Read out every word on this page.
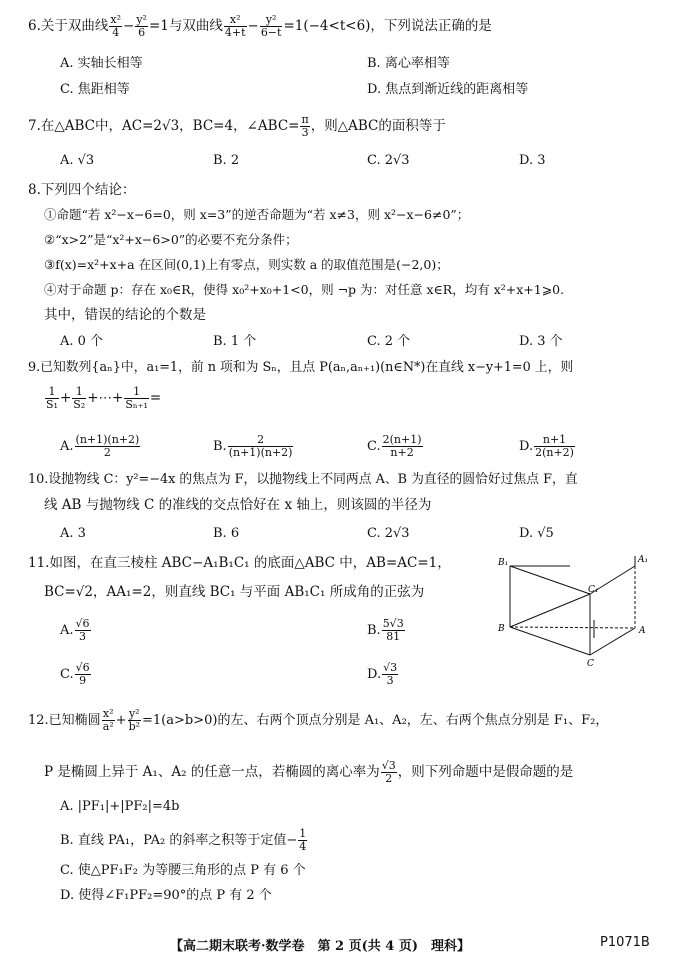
6.关于双曲线 $\frac{\text{x²}}{4} - \frac{\text{y²}}{6} =1$与双曲线 $\frac{\text{x²}}{4+t} - \frac{\text{y²}}{6-t} =1(-4<t<6)$，下列说法正确的是
A. 实轴长相等	B. 离心率相等
C. 焦距相等	D. 焦点到渐近线的距离相等
7.在△ABC中，AC=2√3，BC=4，∠ABC= $\frac{\pi}{3}$ ，则△ABC的面积等于
A. √3	B. 2	C. 2√3	D. 3
8.下列四个结论：
①命题“若 x²−x−6=0，则 x=3”的逆否命题为“若 x≠3，则 x²−x−6≠0”；
②“x>2”是“x²+x−6>0”的必要不充分条件；
③f(x)=x²+x+a 在区间(0,1)上有零点，则实数 a 的取值范围是(−2,0)；
④对于命题 p：存在 x₀∈R，使得 x₀²+x₀+1<0，则 ¬p 为：对任意 x∈R，均有 x²+x+1⩾0.
其中，错误的结论的个数是
A. 0 个	B. 1 个	C. 2 个	D. 3 个
9.已知数列{aₙ}中，a₁=1，前 n 项和为 Sₙ，且点 P(aₙ,aₙ₊₁)(n∈N*)在直线 x−y+1=0 上，则
$\frac{1}{\text{S₁}} + \frac{1}{\text{S₂}}$ +⋯+ $\frac{1}{\text{Sₙ₊₁}}$ =
A. $\frac{(n+1)(n+2)}{2}$	B. $\frac{2}{(n+1)(n+2)}$	C. $\frac{2(n+1)}{n+2}$	D. $\frac{n+1}{2(n+2)}$
10.设抛物线 C：y²=−4x 的焦点为 F，以抛物线上不同两点 A、B 为直径的圆恰好过焦点 F，直
线 AB 与抛物线 C 的准线的交点恰好在 x 轴上，则该圆的半径为
A. 3	B. 6	C. 2√3	D. √5
11.如图，在直三棱柱 ABC−A₁B₁C₁ 的底面△ABC 中，AB=AC=1，
BC=√2，AA₁=2，则直线 BC₁ 与平面 AB₁C₁ 所成角的正弦为
A. $\frac{√6}{3}$	B. $\frac{5√3}{81}$
C. $\frac{√6}{9}$	D. $\frac{√3}{3}$
B₁	A₁
C₁
B	A
C
12.已知椭圆 $\frac{\text{x²}}{\text{a²}} + \frac{\text{y²}}{\text{b²}} =1(a>b>0)$的左、右两个顶点分别是 A₁、A₂，左、右两个焦点分别是 F₁、F₂，
P 是椭圆上异于 A₁、A₂ 的任意一点，若椭圆的离心率为 $\frac{√3}{2}$ ，则下列命题中是假命题的是
A. |PF₁|+|PF₂|=4b
B. 直线 PA₁，PA₂ 的斜率之积等于定值− $\frac{1}{4}$
C. 使△PF₁F₂ 为等腰三角形的点 P 有 6 个
D. 使得∠F₁PF₂=90°的点 P 有 2 个
【高二期末联考·数学卷　第 2 页(共 4 页)　理科】	P1071B
